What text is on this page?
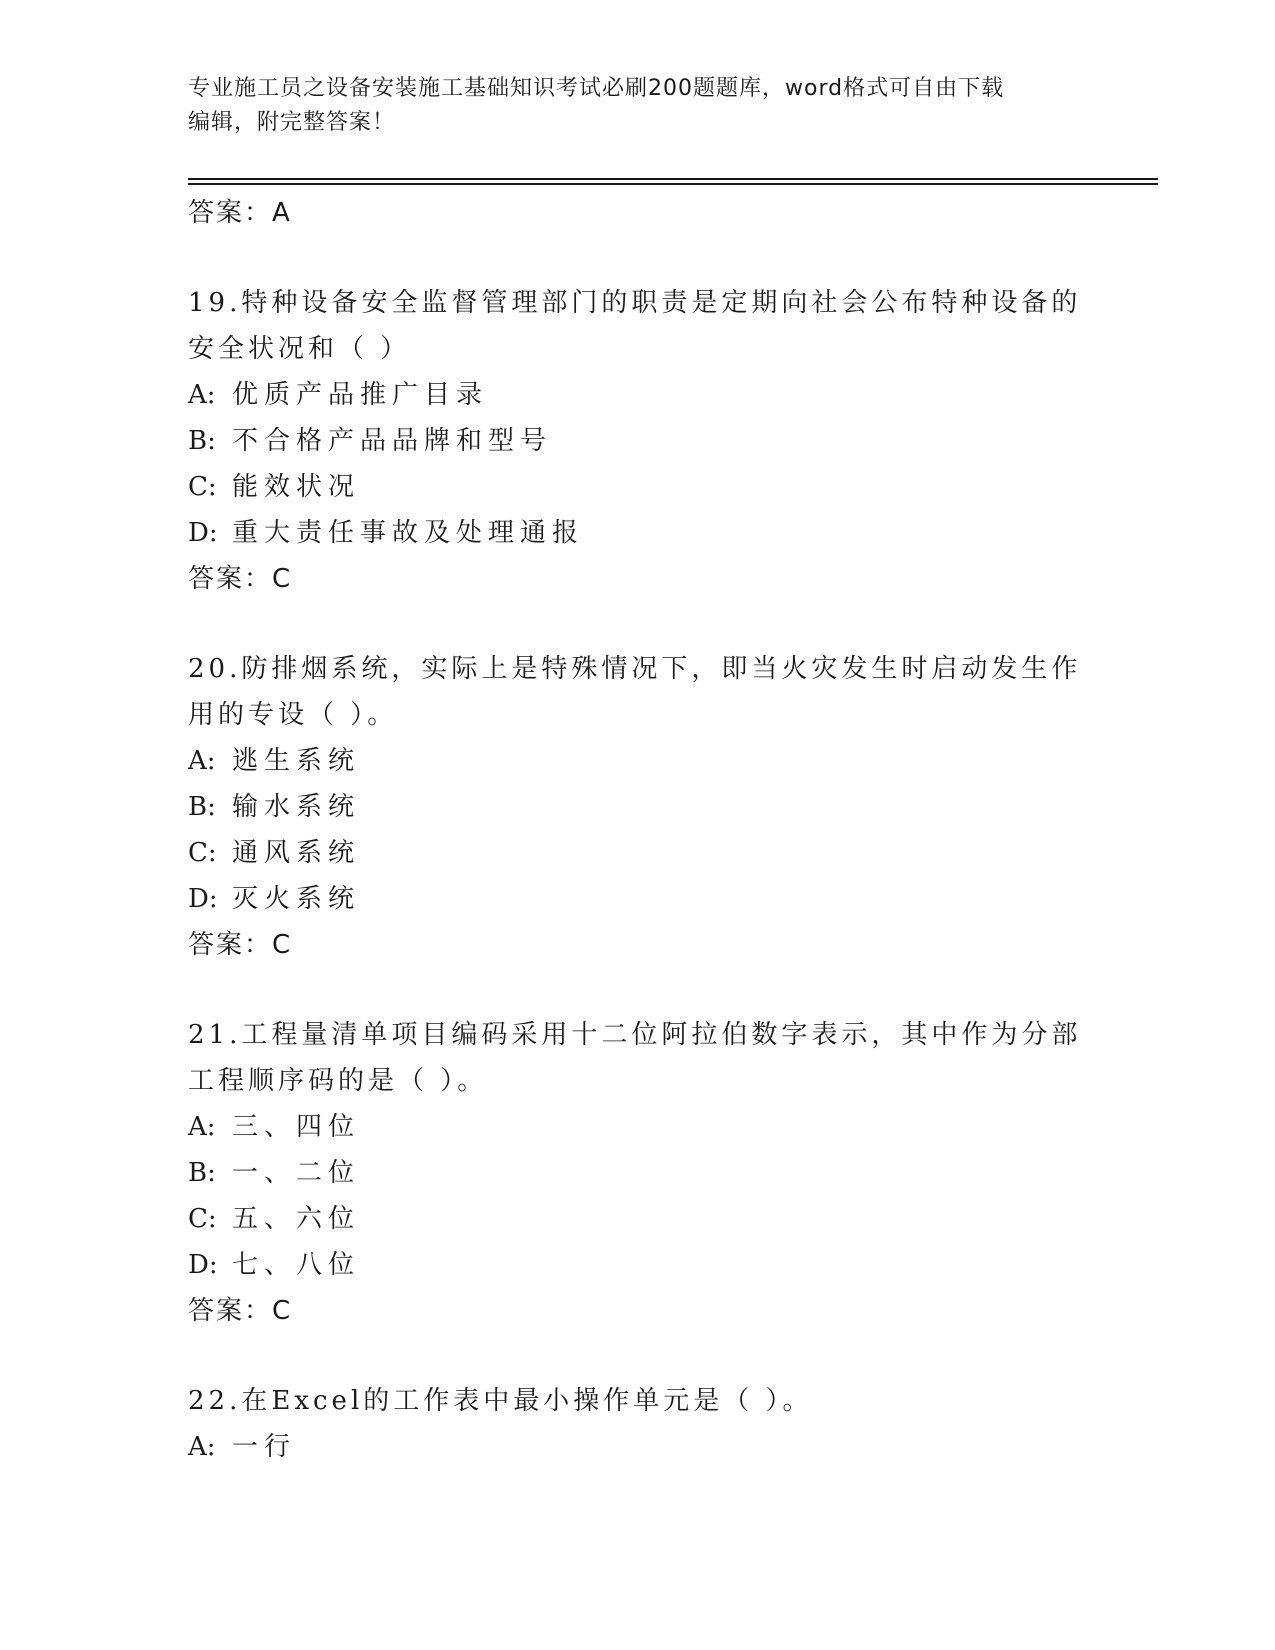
专业施工员之设备安装施工基础知识考试必刷200题题库，word格式可自由下载
编辑，附完整答案！
答案：A
19.特种设备安全监督管理部门的职责是定期向社会公布特种设备的安全状况和（ ）
A: 优质产品推广目录
B: 不合格产品品牌和型号
C: 能效状况
D: 重大责任事故及处理通报
答案：C
20.防排烟系统，实际上是特殊情况下，即当火灾发生时启动发生作用的专设（ ）。
A: 逃生系统
B: 输水系统
C: 通风系统
D: 灭火系统
答案：C
21.工程量清单项目编码采用十二位阿拉伯数字表示，其中作为分部工程顺序码的是（ ）。
A: 三、四位
B: 一、二位
C: 五、六位
D: 七、八位
答案：C
22.在Excel的工作表中最小操作单元是（ ）。
A: 一行
